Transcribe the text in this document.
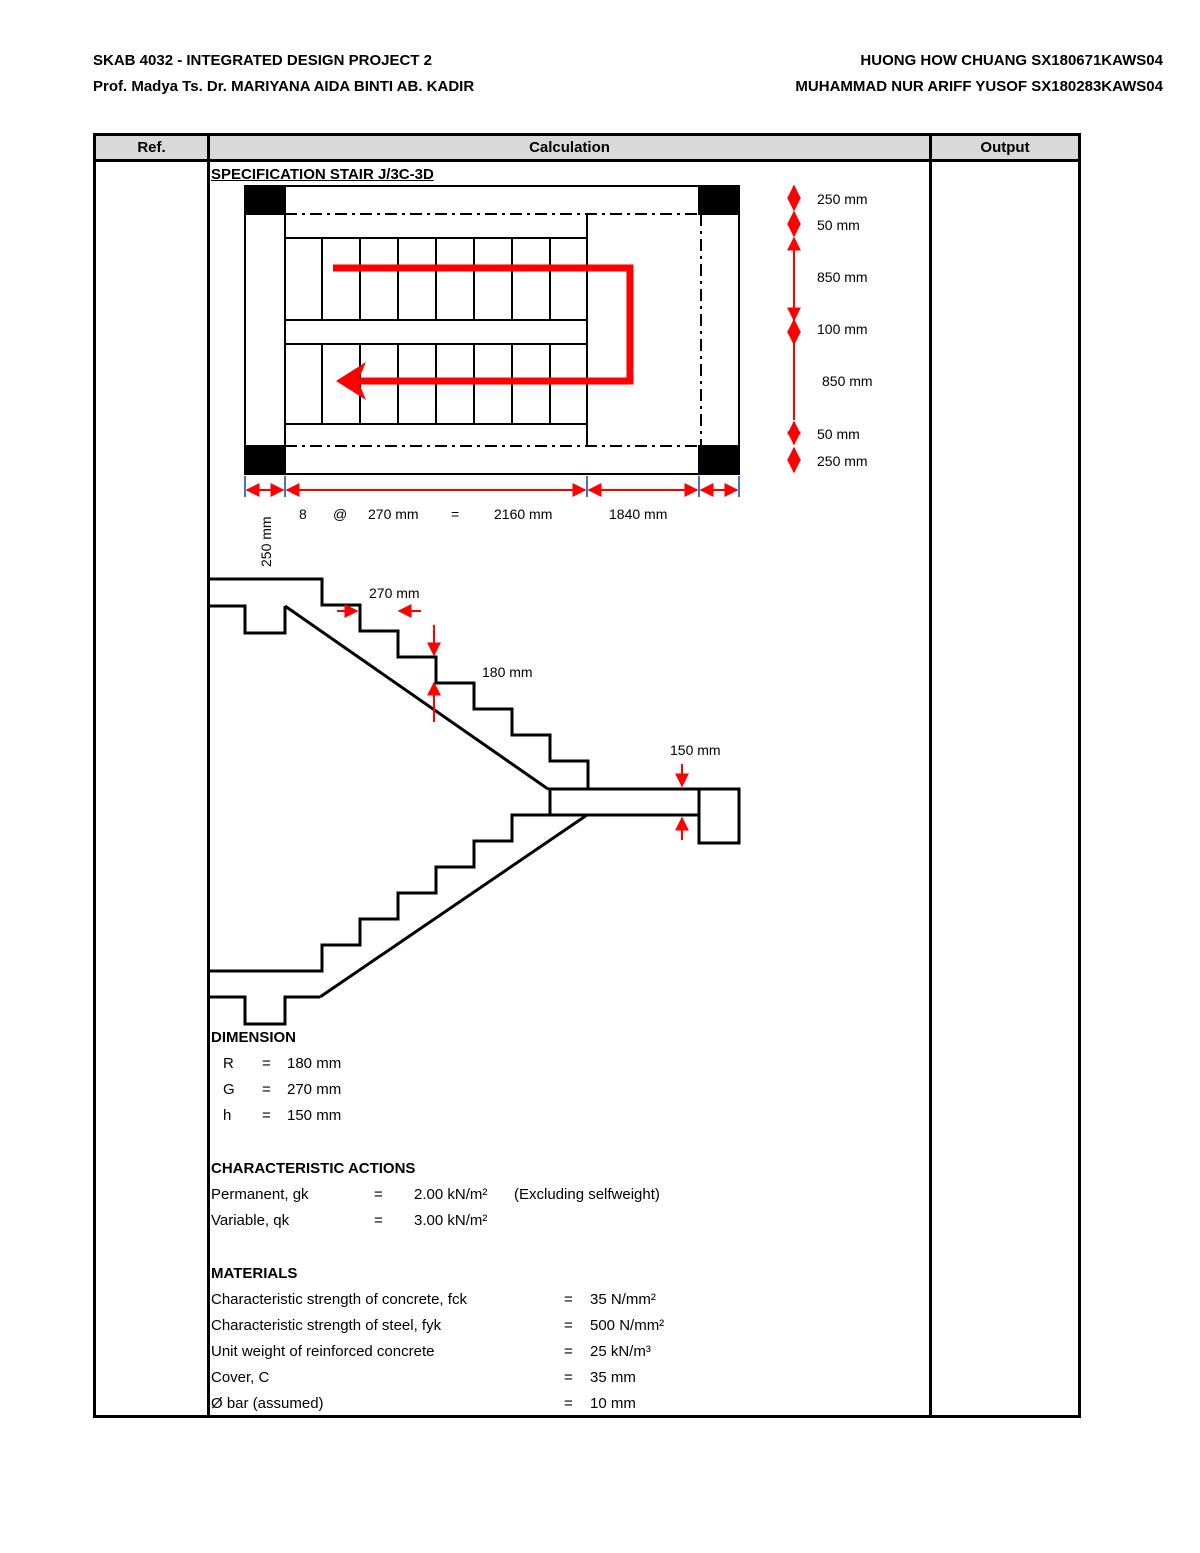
SKAB 4032 - INTEGRATED DESIGN PROJECT 2
Prof. Madya Ts. Dr. MARIYANA AIDA BINTI AB. KADIR
HUONG HOW CHUANG SX180671KAWS04
MUHAMMAD NUR ARIFF YUSOF SX180283KAWS04
Ref.	Calculation	Output
SPECIFICATION STAIR J/3C-3D
250 mm
50 mm
850 mm
100 mm
850 mm
50 mm
250 mm
8 @ 270 mm = 2160 mm	1840 mm
250 mm
270 mm
180 mm
150 mm
DIMENSION
R = 180 mm
G = 270 mm
h = 150 mm
CHARACTERISTIC ACTIONS
Permanent, gk	= 2.00 kN/m² (Excluding selfweight)
Variable, qk	= 3.00 kN/m²
MATERIALS
Characteristic strength of concrete, fck	= 35 N/mm²
Characteristic strength of steel, fyk	= 500 N/mm²
Unit weight of reinforced concrete	= 25 kN/m³
Cover, C	= 35 mm
Ø bar (assumed)	= 10 mm
